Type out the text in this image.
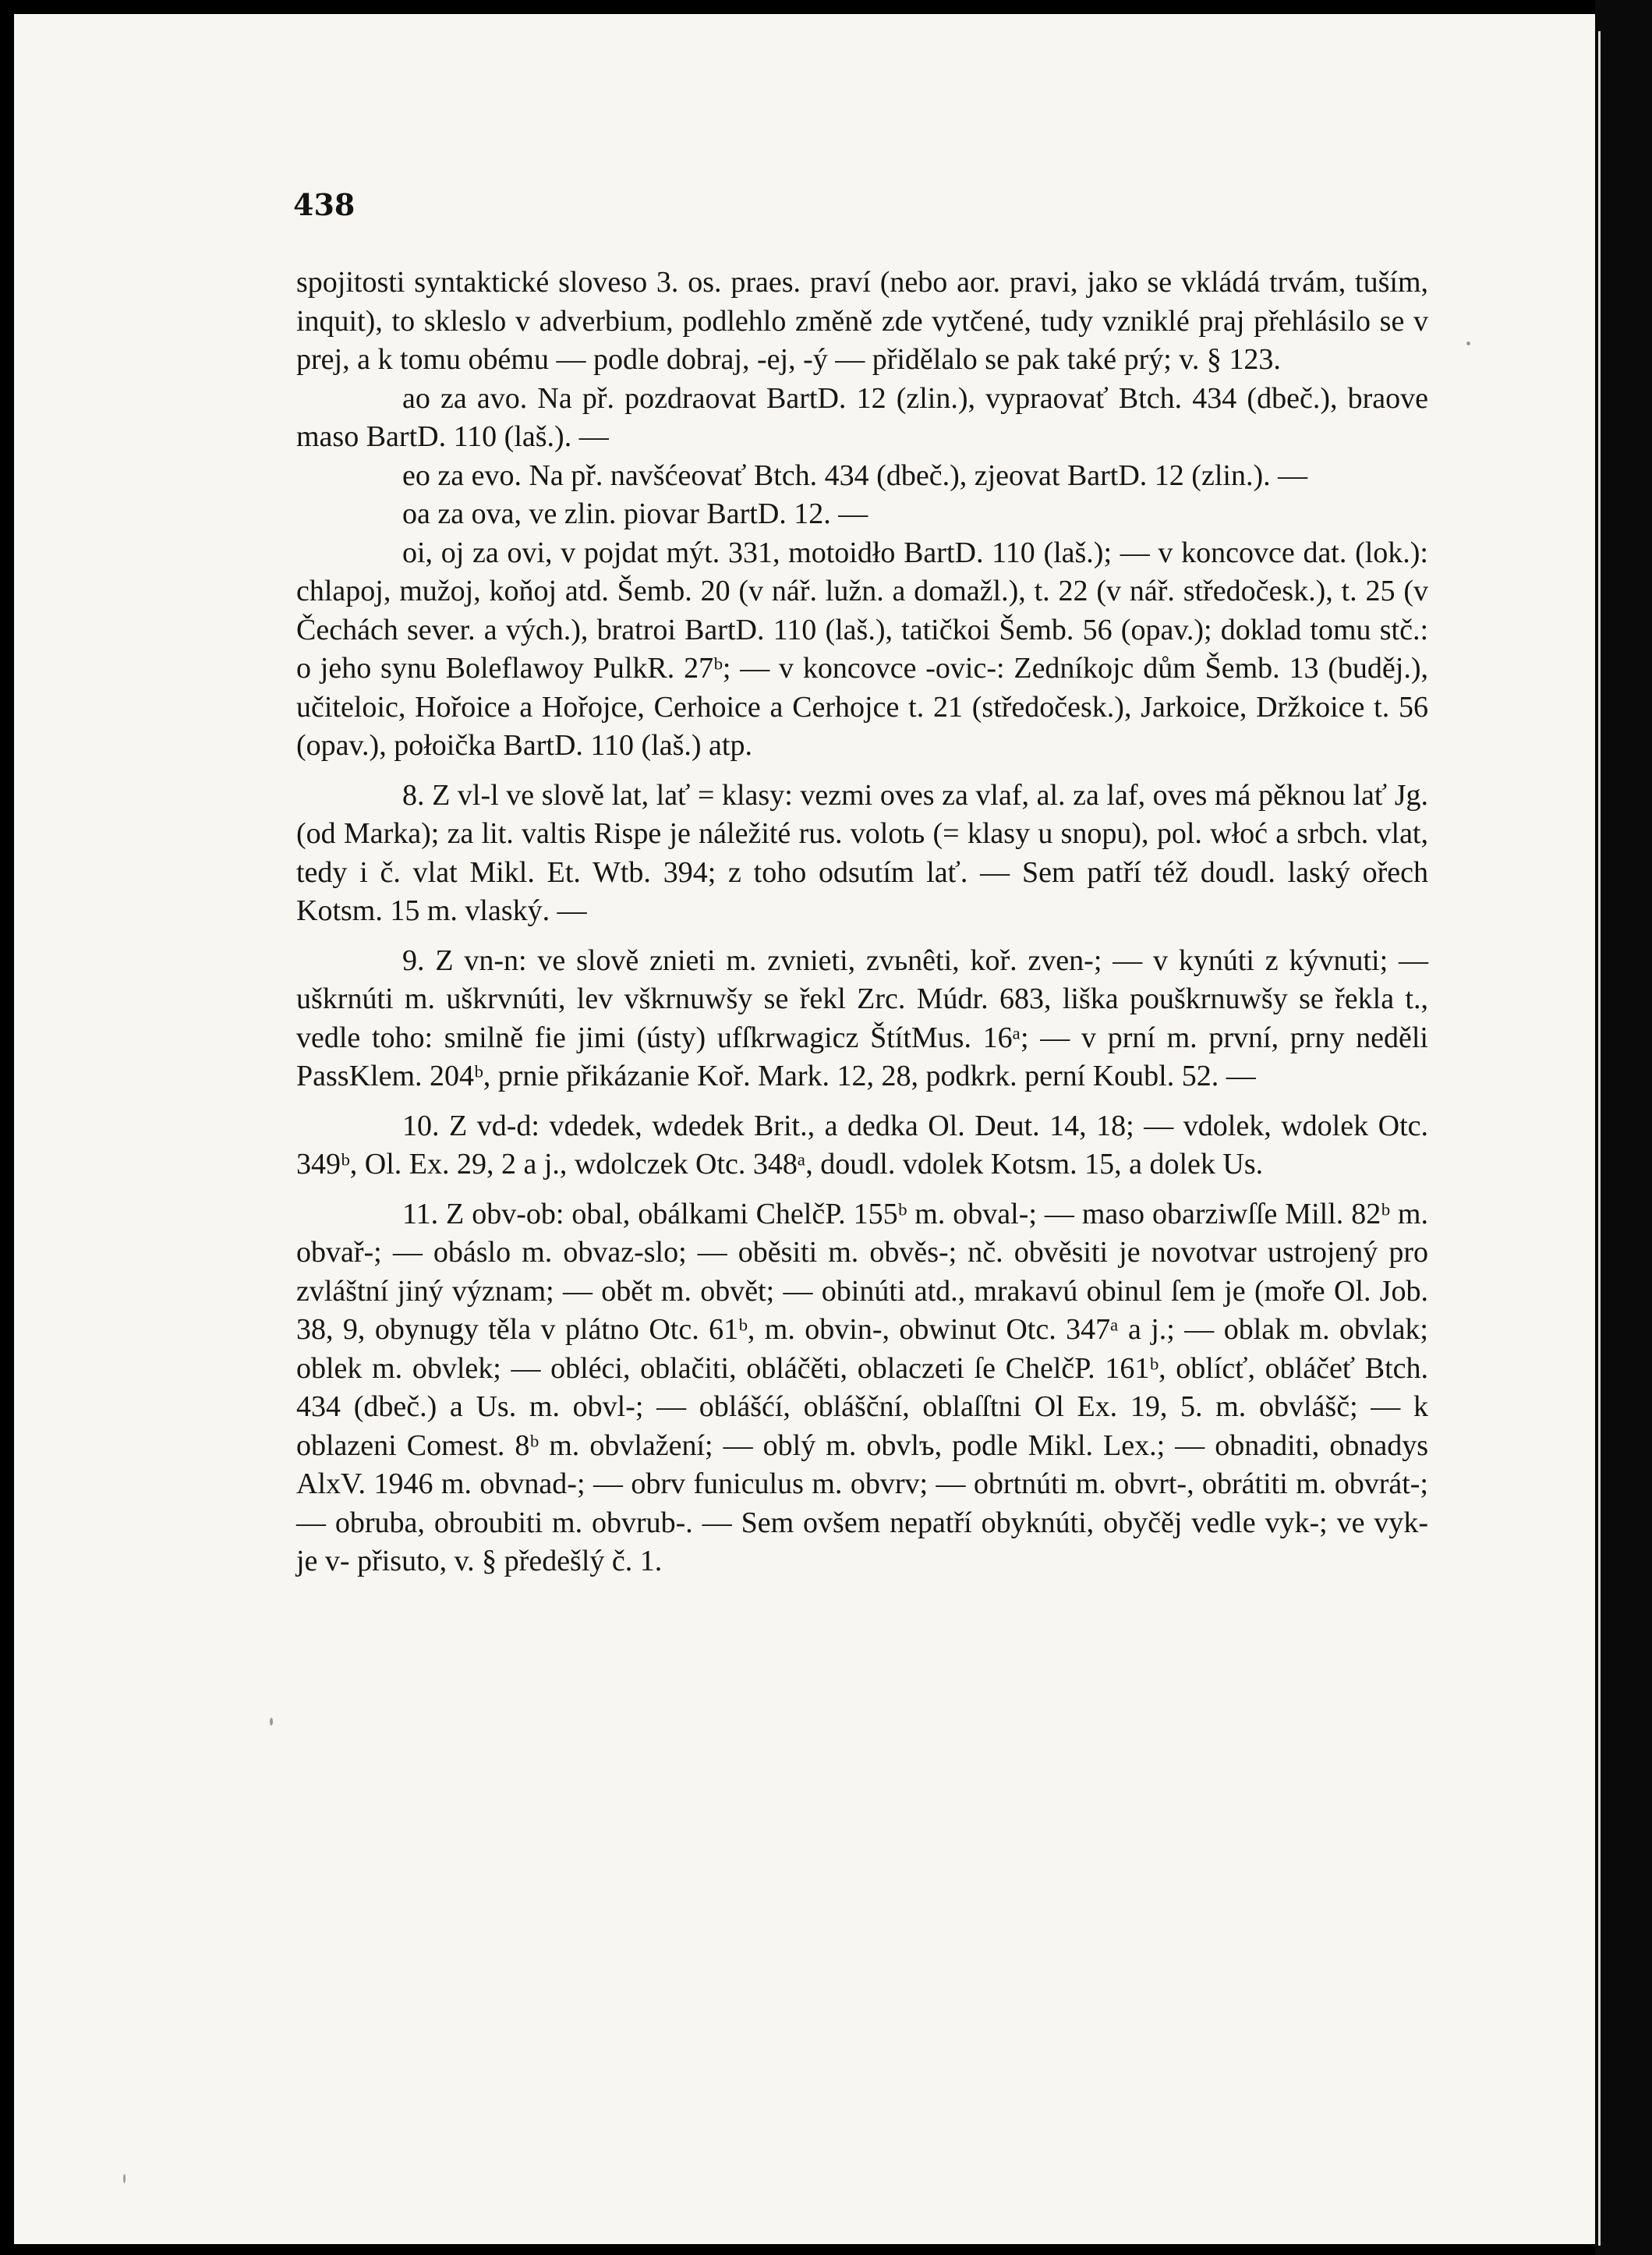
438

spojitosti syntaktické sloveso 3. os. praes. praví (nebo aor. pravi, jako se vkládá trvám, tuším, inquit), to skleslo v adverbium, podlehlo změně zde vytčené, tudy vzniklé praj přehlásilo se v prej, a k tomu obému — podle dobraj, -ej, -ý — přidělalo se pak také prý; v. § 123.

ao za avo. Na př. pozdraovat BartD. 12 (zlin.), vypraovať Btch. 434 (dbeč.), braove maso BartD. 110 (laš.). —

eo za evo. Na př. navšćeovať Btch. 434 (dbeč.), zjeovat BartD. 12 (zlin.). —

oa za ova, ve zlin. piovar BartD. 12. —

oi, oj za ovi, v pojdat mýt. 331, motoidło BartD. 110 (laš.); — v koncovce dat. (lok.): chlapoj, mužoj, koňoj atd. Šemb. 20 (v nář. lužn. a domažl.), t. 22 (v nář. středočesk.), t. 25 (v Čechách sever. a vých.), bratroi BartD. 110 (laš.), tatičkoi Šemb. 56 (opav.); doklad tomu stč.: o jeho synu Boleflawoy PulkR. 27ᵇ; — v koncovce -ovic-: Zedníkojc dům Šemb. 13 (buděj.), učiteloic, Hořoice a Hořojce, Cerhoice a Cerhojce t. 21 (středočesk.), Jarkoice, Držkoice t. 56 (opav.), połoička BartD. 110 (laš.) atp.

8. Z vl-l ve slově lat, lať = klasy: vezmi oves za vlaf, al. za laf, oves má pěknou lať Jg. (od Marka); za lit. valtis Rispe je náležité rus. volotь (= klasy u snopu), pol. włoć a srbch. vlat, tedy i č. vlat Mikl. Et. Wtb. 394; z toho odsutím lať. — Sem patří též doudl. laský ořech Kotsm. 15 m. vlaský. —

9. Z vn-n: ve slově znieti m. zvnieti, zvьnêti, koř. zven-; — v kynúti z kývnuti; — uškrnúti m. uškrvnúti, lev vškrnuwšy se řekl Zrc. Múdr. 683, liška pouškrnuwšy se řekla t., vedle toho: smilně fie jimi (ústy) ufſkrwagicz ŠtítMus. 16ᵃ; — v prní m. první, prny neděli PassKlem. 204ᵇ, prnie přikázanie Koř. Mark. 12, 28, podkrk. perní Koubl. 52. —

10. Z vd-d: vdedek, wdedek Brit., a dedka Ol. Deut. 14, 18; — vdolek, wdolek Otc. 349ᵇ, Ol. Ex. 29, 2 a j., wdolczek Otc. 348ᵃ, doudl. vdolek Kotsm. 15, a dolek Us.

11. Z obv-ob: obal, obálkami ChelčP. 155ᵇ m. obval-; — maso obarziwſſe Mill. 82ᵇ m. obvař-; — obáslo m. obvaz-slo; — oběsiti m. obvěs-; nč. obvěsiti je novotvar ustrojený pro zvláštní jiný význam; — obět m. obvět; — obinúti atd., mrakavú obinul ſem je (moře Ol. Job. 38, 9, obynugy těla v plátno Otc. 61ᵇ, m. obvin-, obwinut Otc. 347ᵃ a j.; — oblak m. obvlak; oblek m. obvlek; — obléci, oblačiti, obláčěti, oblaczeti ſe ChelčP. 161ᵇ, oblícť, obláčeť Btch. 434 (dbeč.) a Us. m. obvl-; — oblášćí, oblášční, oblaſſtni Ol Ex. 19, 5. m. obvlášč; — k oblazeni Comest. 8ᵇ m. obvlažení; — oblý m. obvlъ, podle Mikl. Lex.; — obnaditi, obnadys AlxV. 1946 m. obvnad-; — obrv funiculus m. obvrv; — obrtnúti m. obvrt-, obrátiti m. obvrát-; — obruba, obroubiti m. obvrub-. — Sem ovšem nepatří obyknúti, obyčěj vedle vyk-; ve vyk- je v- přisuto, v. § předešlý č. 1.
